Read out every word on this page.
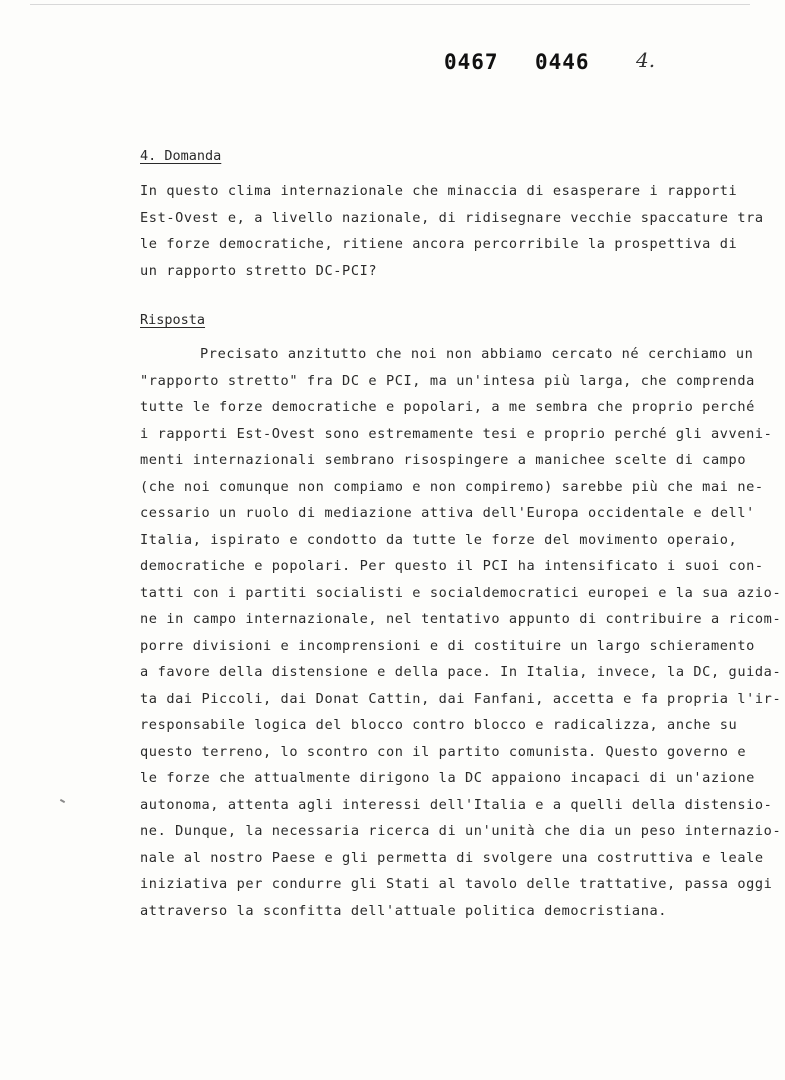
0467 0446 4.
4. Domanda
In questo clima internazionale che minaccia di esasperare i rapporti
Est-Ovest e, a livello nazionale, di ridisegnare vecchie spaccature tra
le forze democratiche, ritiene ancora percorribile la prospettiva di
un rapporto stretto DC-PCI?
Risposta
Precisato anzitutto che noi non abbiamo cercato né cerchiamo un
"rapporto stretto" fra DC e PCI, ma un'intesa più larga, che comprenda
tutte le forze democratiche e popolari, a me sembra che proprio perché
i rapporti Est-Ovest sono estremamente tesi e proprio perché gli avveni-
menti internazionali sembrano risospingere a manichee scelte di campo
(che noi comunque non compiamo e non compiremo) sarebbe più che mai ne-
cessario un ruolo di mediazione attiva dell'Europa occidentale e dell'
Italia, ispirato e condotto da tutte le forze del movimento operaio,
democratiche e popolari. Per questo il PCI ha intensificato i suoi con-
tatti con i partiti socialisti e socialdemocratici europei e la sua azio-
ne in campo internazionale, nel tentativo appunto di contribuire a ricom-
porre divisioni e incomprensioni e di costituire un largo schieramento
a favore della distensione e della pace. In Italia, invece, la DC, guida-
ta dai Piccoli, dai Donat Cattin, dai Fanfani, accetta e fa propria l'ir-
responsabile logica del blocco contro blocco e radicalizza, anche su
questo terreno, lo scontro con il partito comunista. Questo governo e
le forze che attualmente dirigono la DC appaiono incapaci di un'azione
autonoma, attenta agli interessi dell'Italia e a quelli della distensio-
ne. Dunque, la necessaria ricerca di un'unità che dia un peso internazio-
nale al nostro Paese e gli permetta di svolgere una costruttiva e leale
iniziativa per condurre gli Stati al tavolo delle trattative, passa oggi
attraverso la sconfitta dell'attuale politica democristiana.
